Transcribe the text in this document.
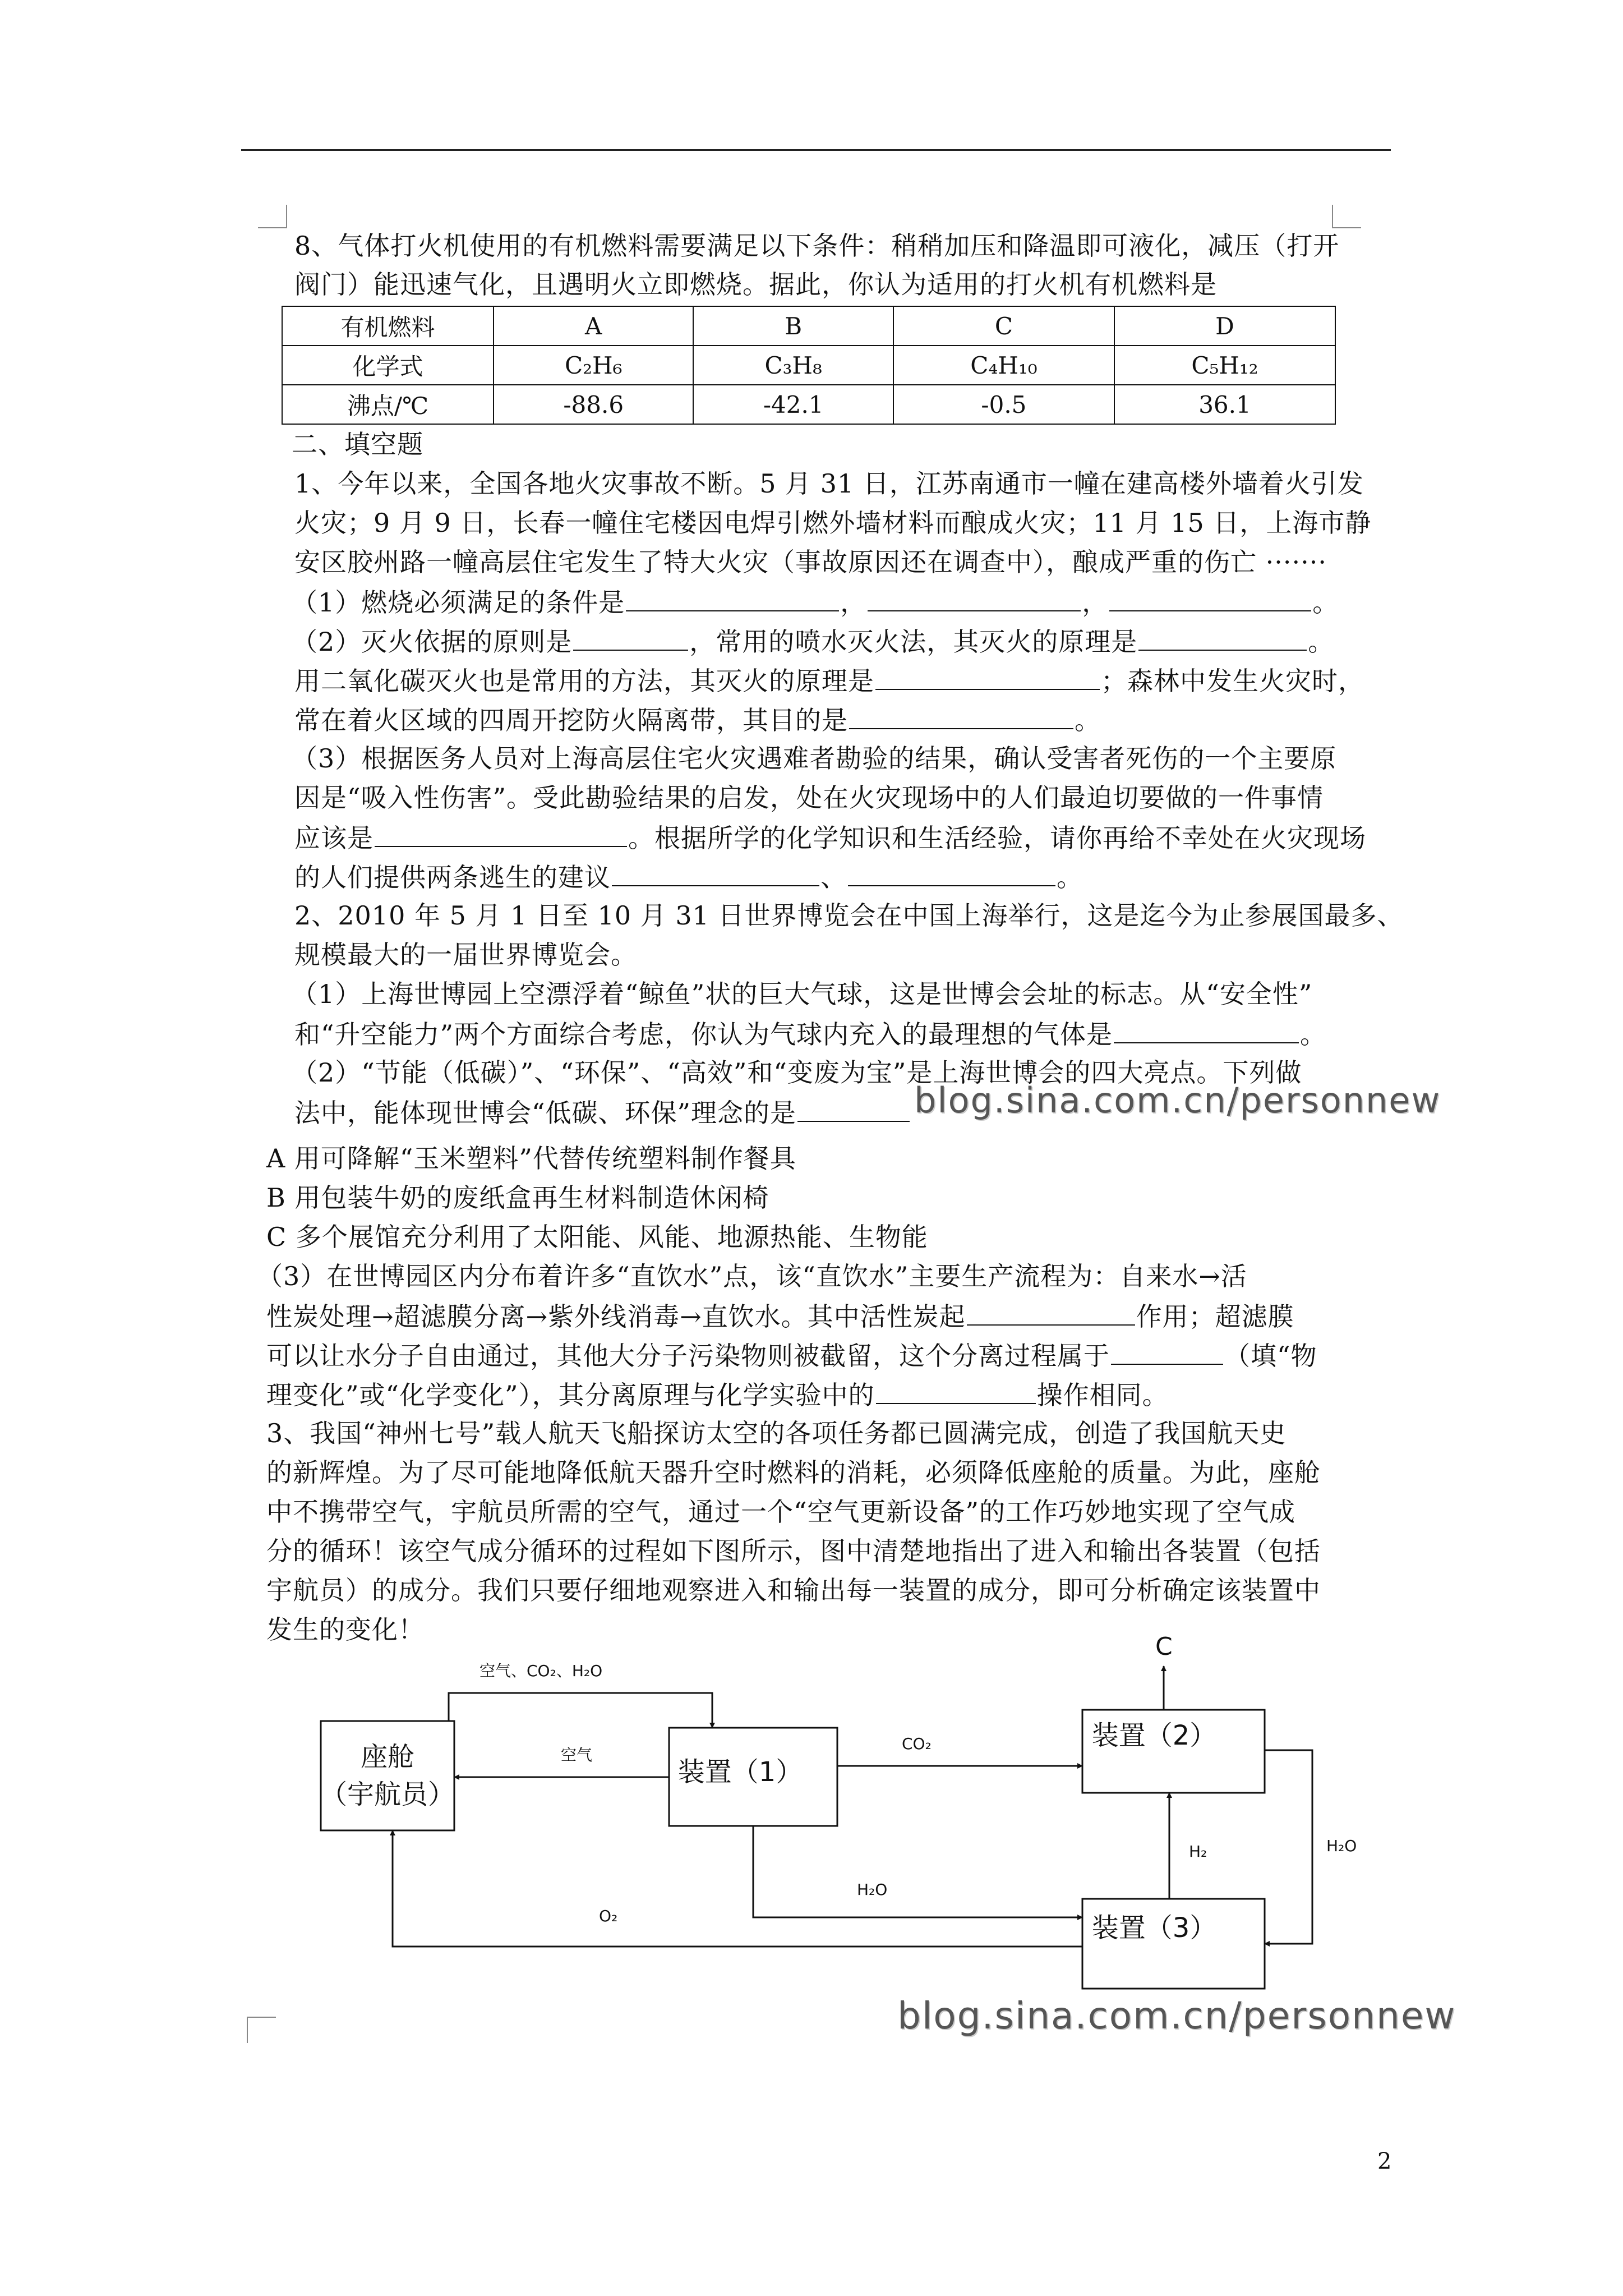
8、气体打火机使用的有机燃料需要满足以下条件：稍稍加压和降温即可液化，减压（打开
阀门）能迅速气化，且遇明火立即燃烧。据此，你认为适用的打火机有机燃料是
有机燃料	A	B	C	D
化学式	C₂H₆	C₃H₈	C₄H₁₀	C₅H₁₂
沸点/℃	-88.6	-42.1	-0.5	36.1
二、填空题
1、今年以来，全国各地火灾事故不断。5 月 31 日，江苏南通市一幢在建高楼外墙着火引发
火灾；9 月 9 日，长春一幢住宅楼因电焊引燃外墙材料而酿成火灾；11 月 15 日，上海市静
安区胶州路一幢高层住宅发生了特大火灾（事故原因还在调查中），酿成严重的伤亡 ·······
（1）燃烧必须满足的条件是	，	，	。
（2）灭火依据的原则是	，常用的喷水灭火法，其灭火的原理是	。
用二氧化碳灭火也是常用的方法，其灭火的原理是	；森林中发生火灾时，
常在着火区域的四周开挖防火隔离带，其目的是	。
（3）根据医务人员对上海高层住宅火灾遇难者勘验的结果，确认受害者死伤的一个主要原
因是“吸入性伤害”。受此勘验结果的启发，处在火灾现场中的人们最迫切要做的一件事情
应该是	。根据所学的化学知识和生活经验，请你再给不幸处在火灾现场
的人们提供两条逃生的建议	、	。
2、2010 年 5 月 1 日至 10 月 31 日世界博览会在中国上海举行，这是迄今为止参展国最多、
规模最大的一届世界博览会。
（1）上海世博园上空漂浮着“鲸鱼”状的巨大气球，这是世博会会址的标志。从“安全性”
和“升空能力”两个方面综合考虑，你认为气球内充入的最理想的气体是	。
（2）“节能（低碳）”、“环保”、“高效”和“变废为宝”是上海世博会的四大亮点。下列做
法中，能体现世博会“低碳、环保”理念的是	blog.sina.com.cn/personnew
A 用可降解“玉米塑料”代替传统塑料制作餐具
B 用包装牛奶的废纸盒再生材料制造休闲椅
C 多个展馆充分利用了太阳能、风能、地源热能、生物能
（3）在世博园区内分布着许多“直饮水”点，该“直饮水”主要生产流程为：自来水→活
性炭处理→超滤膜分离→紫外线消毒→直饮水。其中活性炭起	作用；超滤膜
可以让水分子自由通过，其他大分子污染物则被截留，这个分离过程属于	（填“物
理变化”或“化学变化”），其分离原理与化学实验中的	操作相同。
3、我国“神州七号”载人航天飞船探访太空的各项任务都已圆满完成，创造了我国航天史
的新辉煌。为了尽可能地降低航天器升空时燃料的消耗，必须降低座舱的质量。为此，座舱
中不携带空气，宇航员所需的空气，通过一个“空气更新设备”的工作巧妙地实现了空气成
分的循环！该空气成分循环的过程如下图所示，图中清楚地指出了进入和输出各装置（包括
宇航员）的成分。我们只要仔细地观察进入和输出每一装置的成分，即可分析确定该装置中
发生的变化！
座舱
（宇航员）
装置（1）
装置（2）
装置（3）
空气、CO₂、H₂O
空气
CO₂
H₂O
O₂
H₂	H₂O
C
blog.sina.com.cn/personnew
2
